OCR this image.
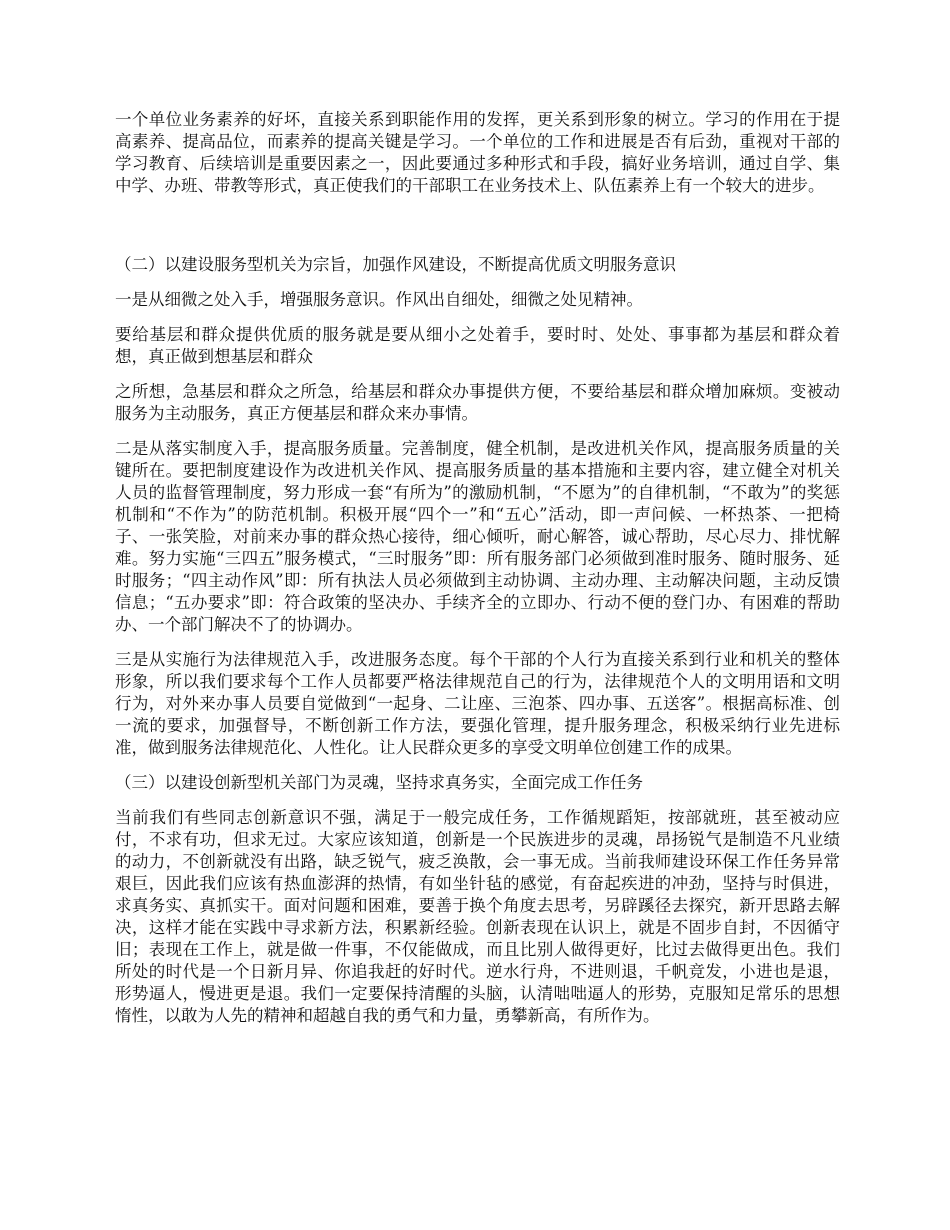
一个单位业务素养的好坏，直接关系到职能作用的发挥，更关系到形象的树立。学习的作用在于提高素养、提高品位，而素养的提高关键是学习。一个单位的工作和进展是否有后劲，重视对干部的学习教育、后续培训是重要因素之一，因此要通过多种形式和手段，搞好业务培训，通过自学、集中学、办班、带教等形式，真正使我们的干部职工在业务技术上、队伍素养上有一个较大的进步。

（二）以建设服务型机关为宗旨，加强作风建设，不断提高优质文明服务意识

一是从细微之处入手，增强服务意识。作风出自细处，细微之处见精神。

要给基层和群众提供优质的服务就是要从细小之处着手，要时时、处处、事事都为基层和群众着想，真正做到想基层和群众

之所想，急基层和群众之所急，给基层和群众办事提供方便，不要给基层和群众增加麻烦。变被动服务为主动服务，真正方便基层和群众来办事情。

二是从落实制度入手，提高服务质量。完善制度，健全机制，是改进机关作风，提高服务质量的关键所在。要把制度建设作为改进机关作风、提高服务质量的基本措施和主要内容，建立健全对机关人员的监督管理制度，努力形成一套“有所为”的激励机制，“不愿为”的自律机制，“不敢为”的奖惩机制和“不作为”的防范机制。积极开展“四个一”和“五心”活动，即一声问候、一杯热茶、一把椅子、一张笑脸，对前来办事的群众热心接待，细心倾听，耐心解答，诚心帮助，尽心尽力、排忧解难。努力实施“三四五”服务模式，“三时服务”即：所有服务部门必须做到准时服务、随时服务、延时服务；“四主动作风”即：所有执法人员必须做到主动协调、主动办理、主动解决问题，主动反馈信息；“五办要求”即：符合政策的坚决办、手续齐全的立即办、行动不便的登门办、有困难的帮助办、一个部门解决不了的协调办。

三是从实施行为法律规范入手，改进服务态度。每个干部的个人行为直接关系到行业和机关的整体形象，所以我们要求每个工作人员都要严格法律规范自己的行为，法律规范个人的文明用语和文明行为，对外来办事人员要自觉做到“一起身、二让座、三泡茶、四办事、五送客”。根据高标准、创一流的要求，加强督导，不断创新工作方法，要强化管理，提升服务理念，积极采纳行业先进标准，做到服务法律规范化、人性化。让人民群众更多的享受文明单位创建工作的成果。

（三）以建设创新型机关部门为灵魂，坚持求真务实，全面完成工作任务

当前我们有些同志创新意识不强，满足于一般完成任务，工作循规蹈矩，按部就班，甚至被动应付，不求有功，但求无过。大家应该知道，创新是一个民族进步的灵魂，昂扬锐气是制造不凡业绩的动力，不创新就没有出路，缺乏锐气，疲乏涣散，会一事无成。当前我师建设环保工作任务异常艰巨，因此我们应该有热血澎湃的热情，有如坐针毡的感觉，有奋起疾进的冲劲，坚持与时俱进，求真务实、真抓实干。面对问题和困难，要善于换个角度去思考，另辟蹊径去探究，新开思路去解决，这样才能在实践中寻求新方法，积累新经验。创新表现在认识上，就是不固步自封，不因循守旧；表现在工作上，就是做一件事，不仅能做成，而且比别人做得更好，比过去做得更出色。我们所处的时代是一个日新月异、你追我赶的好时代。逆水行舟，不进则退，千帆竞发，小进也是退，形势逼人，慢进更是退。我们一定要保持清醒的头脑，认清咄咄逼人的形势，克服知足常乐的思想惰性，以敢为人先的精神和超越自我的勇气和力量，勇攀新高，有所作为。
